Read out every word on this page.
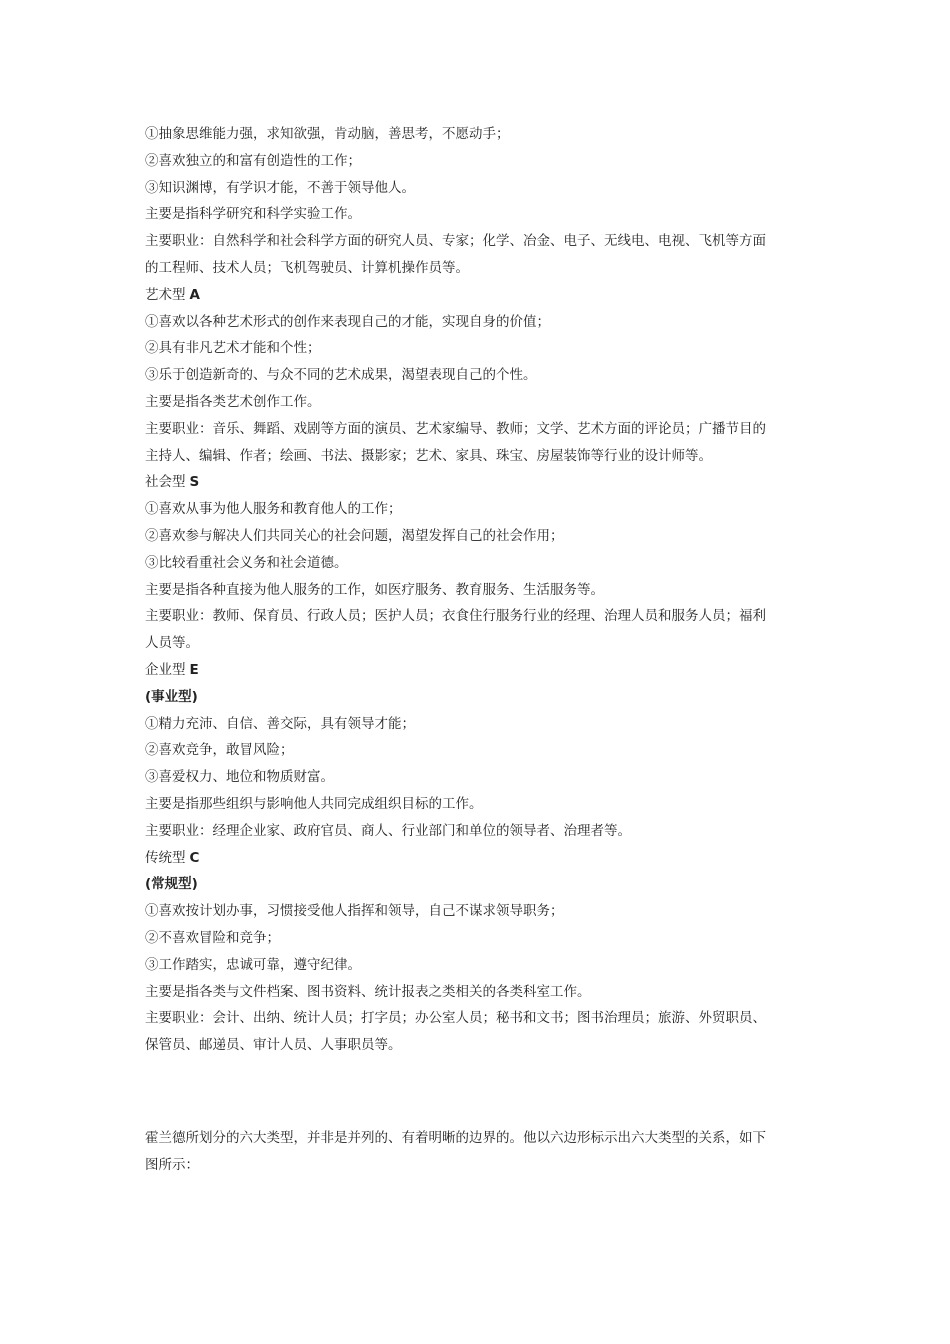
①抽象思维能力强，求知欲强，肯动脑，善思考，不愿动手；
②喜欢独立的和富有创造性的工作；
③知识渊博，有学识才能，不善于领导他人。
主要是指科学研究和科学实验工作。
主要职业：自然科学和社会科学方面的研究人员、专家；化学、冶金、电子、无线电、电视、飞机等方面
的工程师、技术人员；飞机驾驶员、计算机操作员等。
艺术型 A
①喜欢以各种艺术形式的创作来表现自己的才能，实现自身的价值；
②具有非凡艺术才能和个性；
③乐于创造新奇的、与众不同的艺术成果，渴望表现自己的个性。
主要是指各类艺术创作工作。
主要职业：音乐、舞蹈、戏剧等方面的演员、艺术家编导、教师；文学、艺术方面的评论员；广播节目的
主持人、编辑、作者；绘画、书法、摄影家；艺术、家具、珠宝、房屋装饰等行业的设计师等。
社会型 S
①喜欢从事为他人服务和教育他人的工作；
②喜欢参与解决人们共同关心的社会问题，渴望发挥自己的社会作用；
③比较看重社会义务和社会道德。
主要是指各种直接为他人服务的工作，如医疗服务、教育服务、生活服务等。
主要职业：教师、保育员、行政人员；医护人员；衣食住行服务行业的经理、治理人员和服务人员；福利
人员等。
企业型 E
(事业型)
①精力充沛、自信、善交际，具有领导才能；
②喜欢竞争，敢冒风险；
③喜爱权力、地位和物质财富。
主要是指那些组织与影响他人共同完成组织目标的工作。
主要职业：经理企业家、政府官员、商人、行业部门和单位的领导者、治理者等。
传统型 C
(常规型)
①喜欢按计划办事，习惯接受他人指挥和领导，自己不谋求领导职务；
②不喜欢冒险和竞争；
③工作踏实，忠诚可靠，遵守纪律。
主要是指各类与文件档案、图书资料、统计报表之类相关的各类科室工作。
主要职业：会计、出纳、统计人员；打字员；办公室人员；秘书和文书；图书治理员；旅游、外贸职员、
保管员、邮递员、审计人员、人事职员等。
霍兰德所划分的六大类型，并非是并列的、有着明晰的边界的。他以六边形标示出六大类型的关系，如下
图所示：
